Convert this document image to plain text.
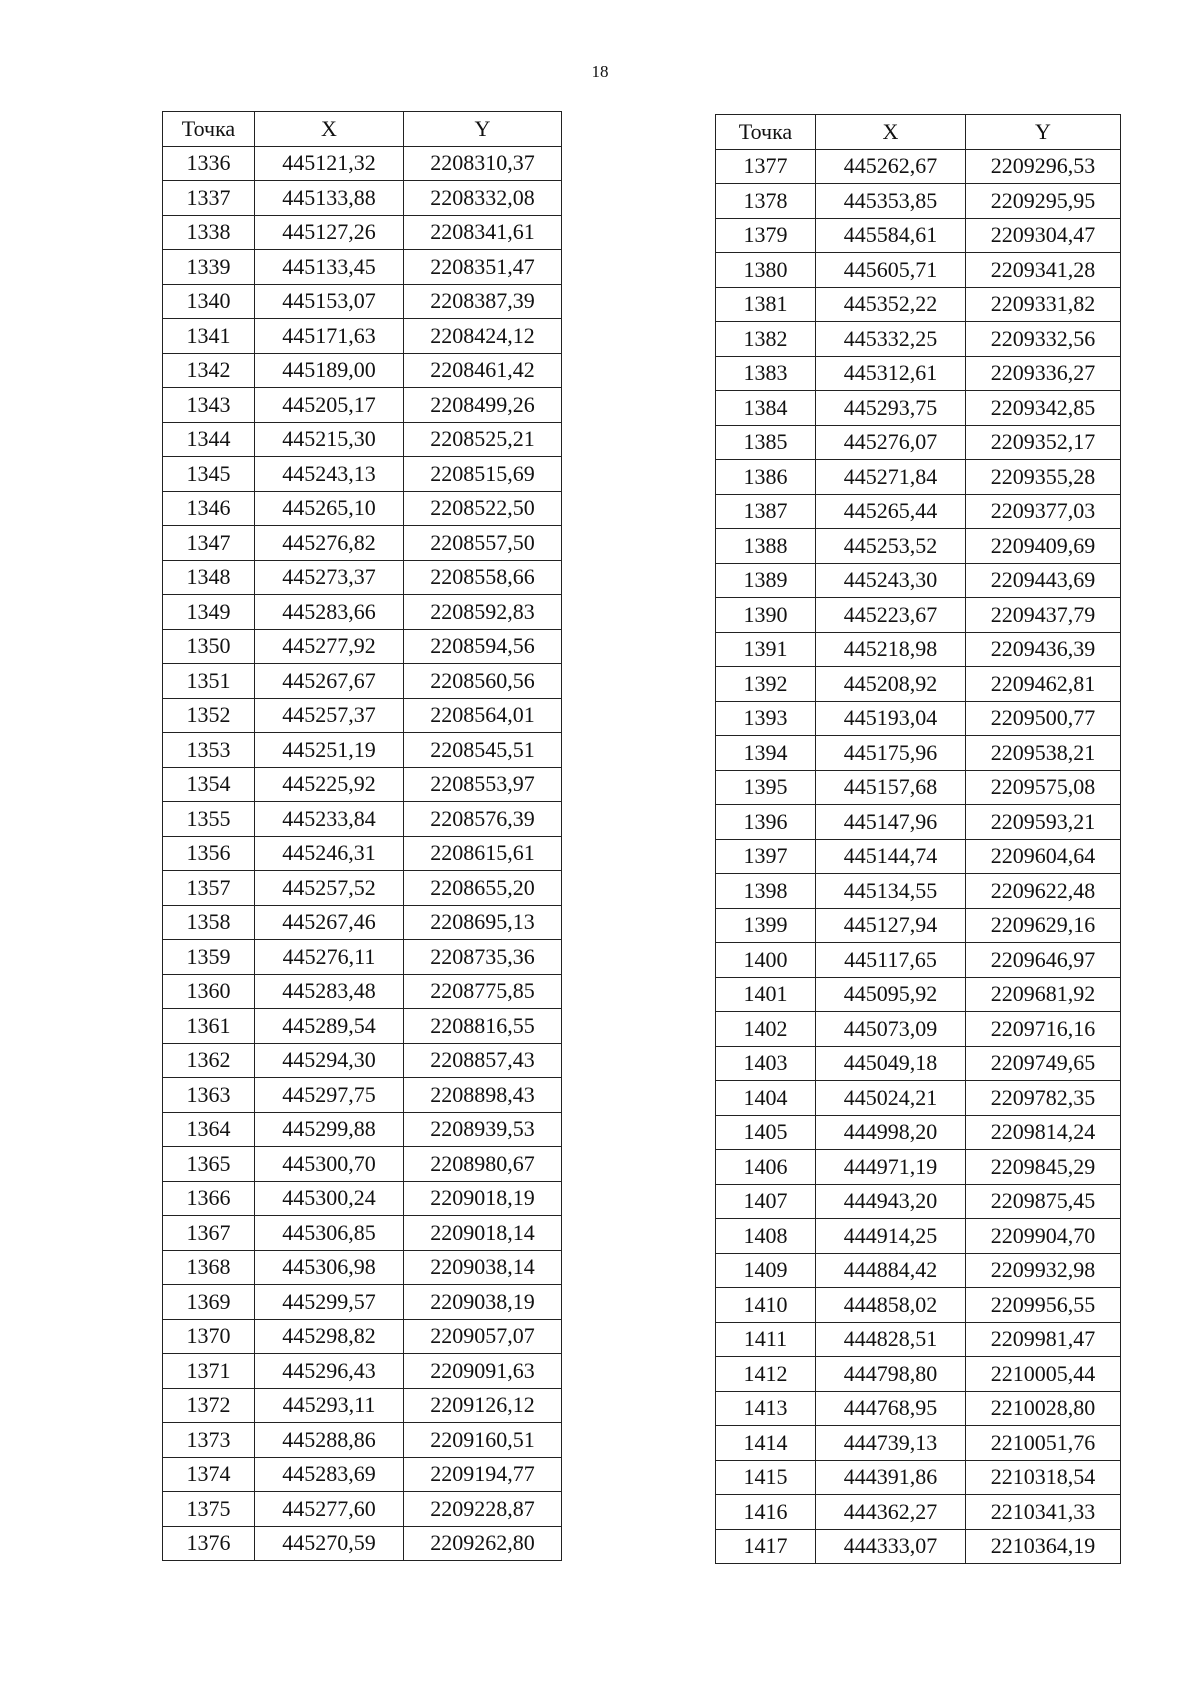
18
Точка	X	Y
1336	445121,32	2208310,37
1337	445133,88	2208332,08
1338	445127,26	2208341,61
1339	445133,45	2208351,47
1340	445153,07	2208387,39
1341	445171,63	2208424,12
1342	445189,00	2208461,42
1343	445205,17	2208499,26
1344	445215,30	2208525,21
1345	445243,13	2208515,69
1346	445265,10	2208522,50
1347	445276,82	2208557,50
1348	445273,37	2208558,66
1349	445283,66	2208592,83
1350	445277,92	2208594,56
1351	445267,67	2208560,56
1352	445257,37	2208564,01
1353	445251,19	2208545,51
1354	445225,92	2208553,97
1355	445233,84	2208576,39
1356	445246,31	2208615,61
1357	445257,52	2208655,20
1358	445267,46	2208695,13
1359	445276,11	2208735,36
1360	445283,48	2208775,85
1361	445289,54	2208816,55
1362	445294,30	2208857,43
1363	445297,75	2208898,43
1364	445299,88	2208939,53
1365	445300,70	2208980,67
1366	445300,24	2209018,19
1367	445306,85	2209018,14
1368	445306,98	2209038,14
1369	445299,57	2209038,19
1370	445298,82	2209057,07
1371	445296,43	2209091,63
1372	445293,11	2209126,12
1373	445288,86	2209160,51
1374	445283,69	2209194,77
1375	445277,60	2209228,87
1376	445270,59	2209262,80
Точка	X	Y
1377	445262,67	2209296,53
1378	445353,85	2209295,95
1379	445584,61	2209304,47
1380	445605,71	2209341,28
1381	445352,22	2209331,82
1382	445332,25	2209332,56
1383	445312,61	2209336,27
1384	445293,75	2209342,85
1385	445276,07	2209352,17
1386	445271,84	2209355,28
1387	445265,44	2209377,03
1388	445253,52	2209409,69
1389	445243,30	2209443,69
1390	445223,67	2209437,79
1391	445218,98	2209436,39
1392	445208,92	2209462,81
1393	445193,04	2209500,77
1394	445175,96	2209538,21
1395	445157,68	2209575,08
1396	445147,96	2209593,21
1397	445144,74	2209604,64
1398	445134,55	2209622,48
1399	445127,94	2209629,16
1400	445117,65	2209646,97
1401	445095,92	2209681,92
1402	445073,09	2209716,16
1403	445049,18	2209749,65
1404	445024,21	2209782,35
1405	444998,20	2209814,24
1406	444971,19	2209845,29
1407	444943,20	2209875,45
1408	444914,25	2209904,70
1409	444884,42	2209932,98
1410	444858,02	2209956,55
1411	444828,51	2209981,47
1412	444798,80	2210005,44
1413	444768,95	2210028,80
1414	444739,13	2210051,76
1415	444391,86	2210318,54
1416	444362,27	2210341,33
1417	444333,07	2210364,19
